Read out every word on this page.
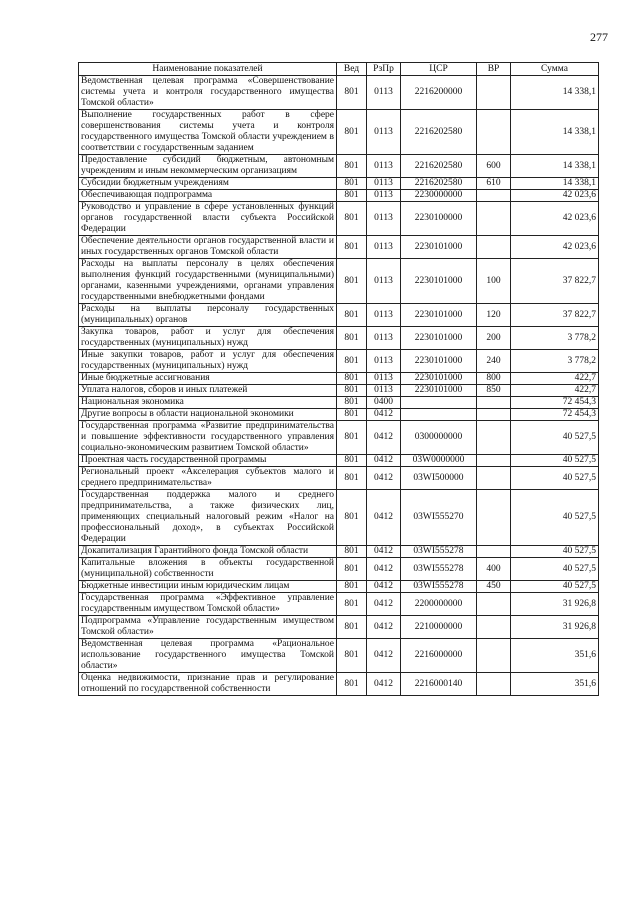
277
Наименование показателей	Вед	РзПр	ЦСР	ВР	Сумма
Ведомственная целевая программа «Совершенствование системы учета и контроля государственного имущества Томской области»	801	0113	2216200000		14 338,1
Выполнение государственных работ в сфере совершенствования системы учета и контроля государственного имущества Томской области учреждением в соответствии с государственным заданием	801	0113	2216202580		14 338,1
Предоставление субсидий бюджетным, автономным учреждениям и иным некоммерческим организациям	801	0113	2216202580	600	14 338,1
Субсидии бюджетным учреждениям	801	0113	2216202580	610	14 338,1
Обеспечивающая подпрограмма	801	0113	2230000000		42 023,6
Руководство и управление в сфере установленных функций органов государственной власти субъекта Российской Федерации	801	0113	2230100000		42 023,6
Обеспечение деятельности органов государственной власти и иных государственных органов Томской области	801	0113	2230101000		42 023,6
Расходы на выплаты персоналу в целях обеспечения выполнения функций государственными (муниципальными) органами, казенными учреждениями, органами управления государственными внебюджетными фондами	801	0113	2230101000	100	37 822,7
Расходы на выплаты персоналу государственных (муниципальных) органов	801	0113	2230101000	120	37 822,7
Закупка товаров, работ и услуг для обеспечения государственных (муниципальных) нужд	801	0113	2230101000	200	3 778,2
Иные закупки товаров, работ и услуг для обеспечения государственных (муниципальных) нужд	801	0113	2230101000	240	3 778,2
Иные бюджетные ассигнования	801	0113	2230101000	800	422,7
Уплата налогов, сборов и иных платежей	801	0113	2230101000	850	422,7
Национальная экономика	801	0400			72 454,3
Другие вопросы в области национальной экономики	801	0412			72 454,3
Государственная программа «Развитие предпринимательства и повышение эффективности государственного управления социально-экономическим развитием Томской области»	801	0412	0300000000		40 527,5
Проектная часть государственной программы	801	0412	03W0000000		40 527,5
Региональный проект «Акселерация субъектов малого и среднего предпринимательства»	801	0412	03WI500000		40 527,5
Государственная поддержка малого и среднего предпринимательства, а также физических лиц, применяющих специальный налоговый режим «Налог на профессиональный доход», в субъектах Российской Федерации	801	0412	03WI555270		40 527,5
Докапитализация Гарантийного фонда Томской области	801	0412	03WI555278		40 527,5
Капитальные вложения в объекты государственной (муниципальной) собственности	801	0412	03WI555278	400	40 527,5
Бюджетные инвестиции иным юридическим лицам	801	0412	03WI555278	450	40 527,5
Государственная программа «Эффективное управление государственным имуществом Томской области»	801	0412	2200000000		31 926,8
Подпрограмма «Управление государственным имуществом Томской области»	801	0412	2210000000		31 926,8
Ведомственная целевая программа «Рациональное использование государственного имущества Томской области»	801	0412	2216000000		351,6
Оценка недвижимости, признание прав и регулирование отношений по государственной собственности	801	0412	2216000140		351,6
